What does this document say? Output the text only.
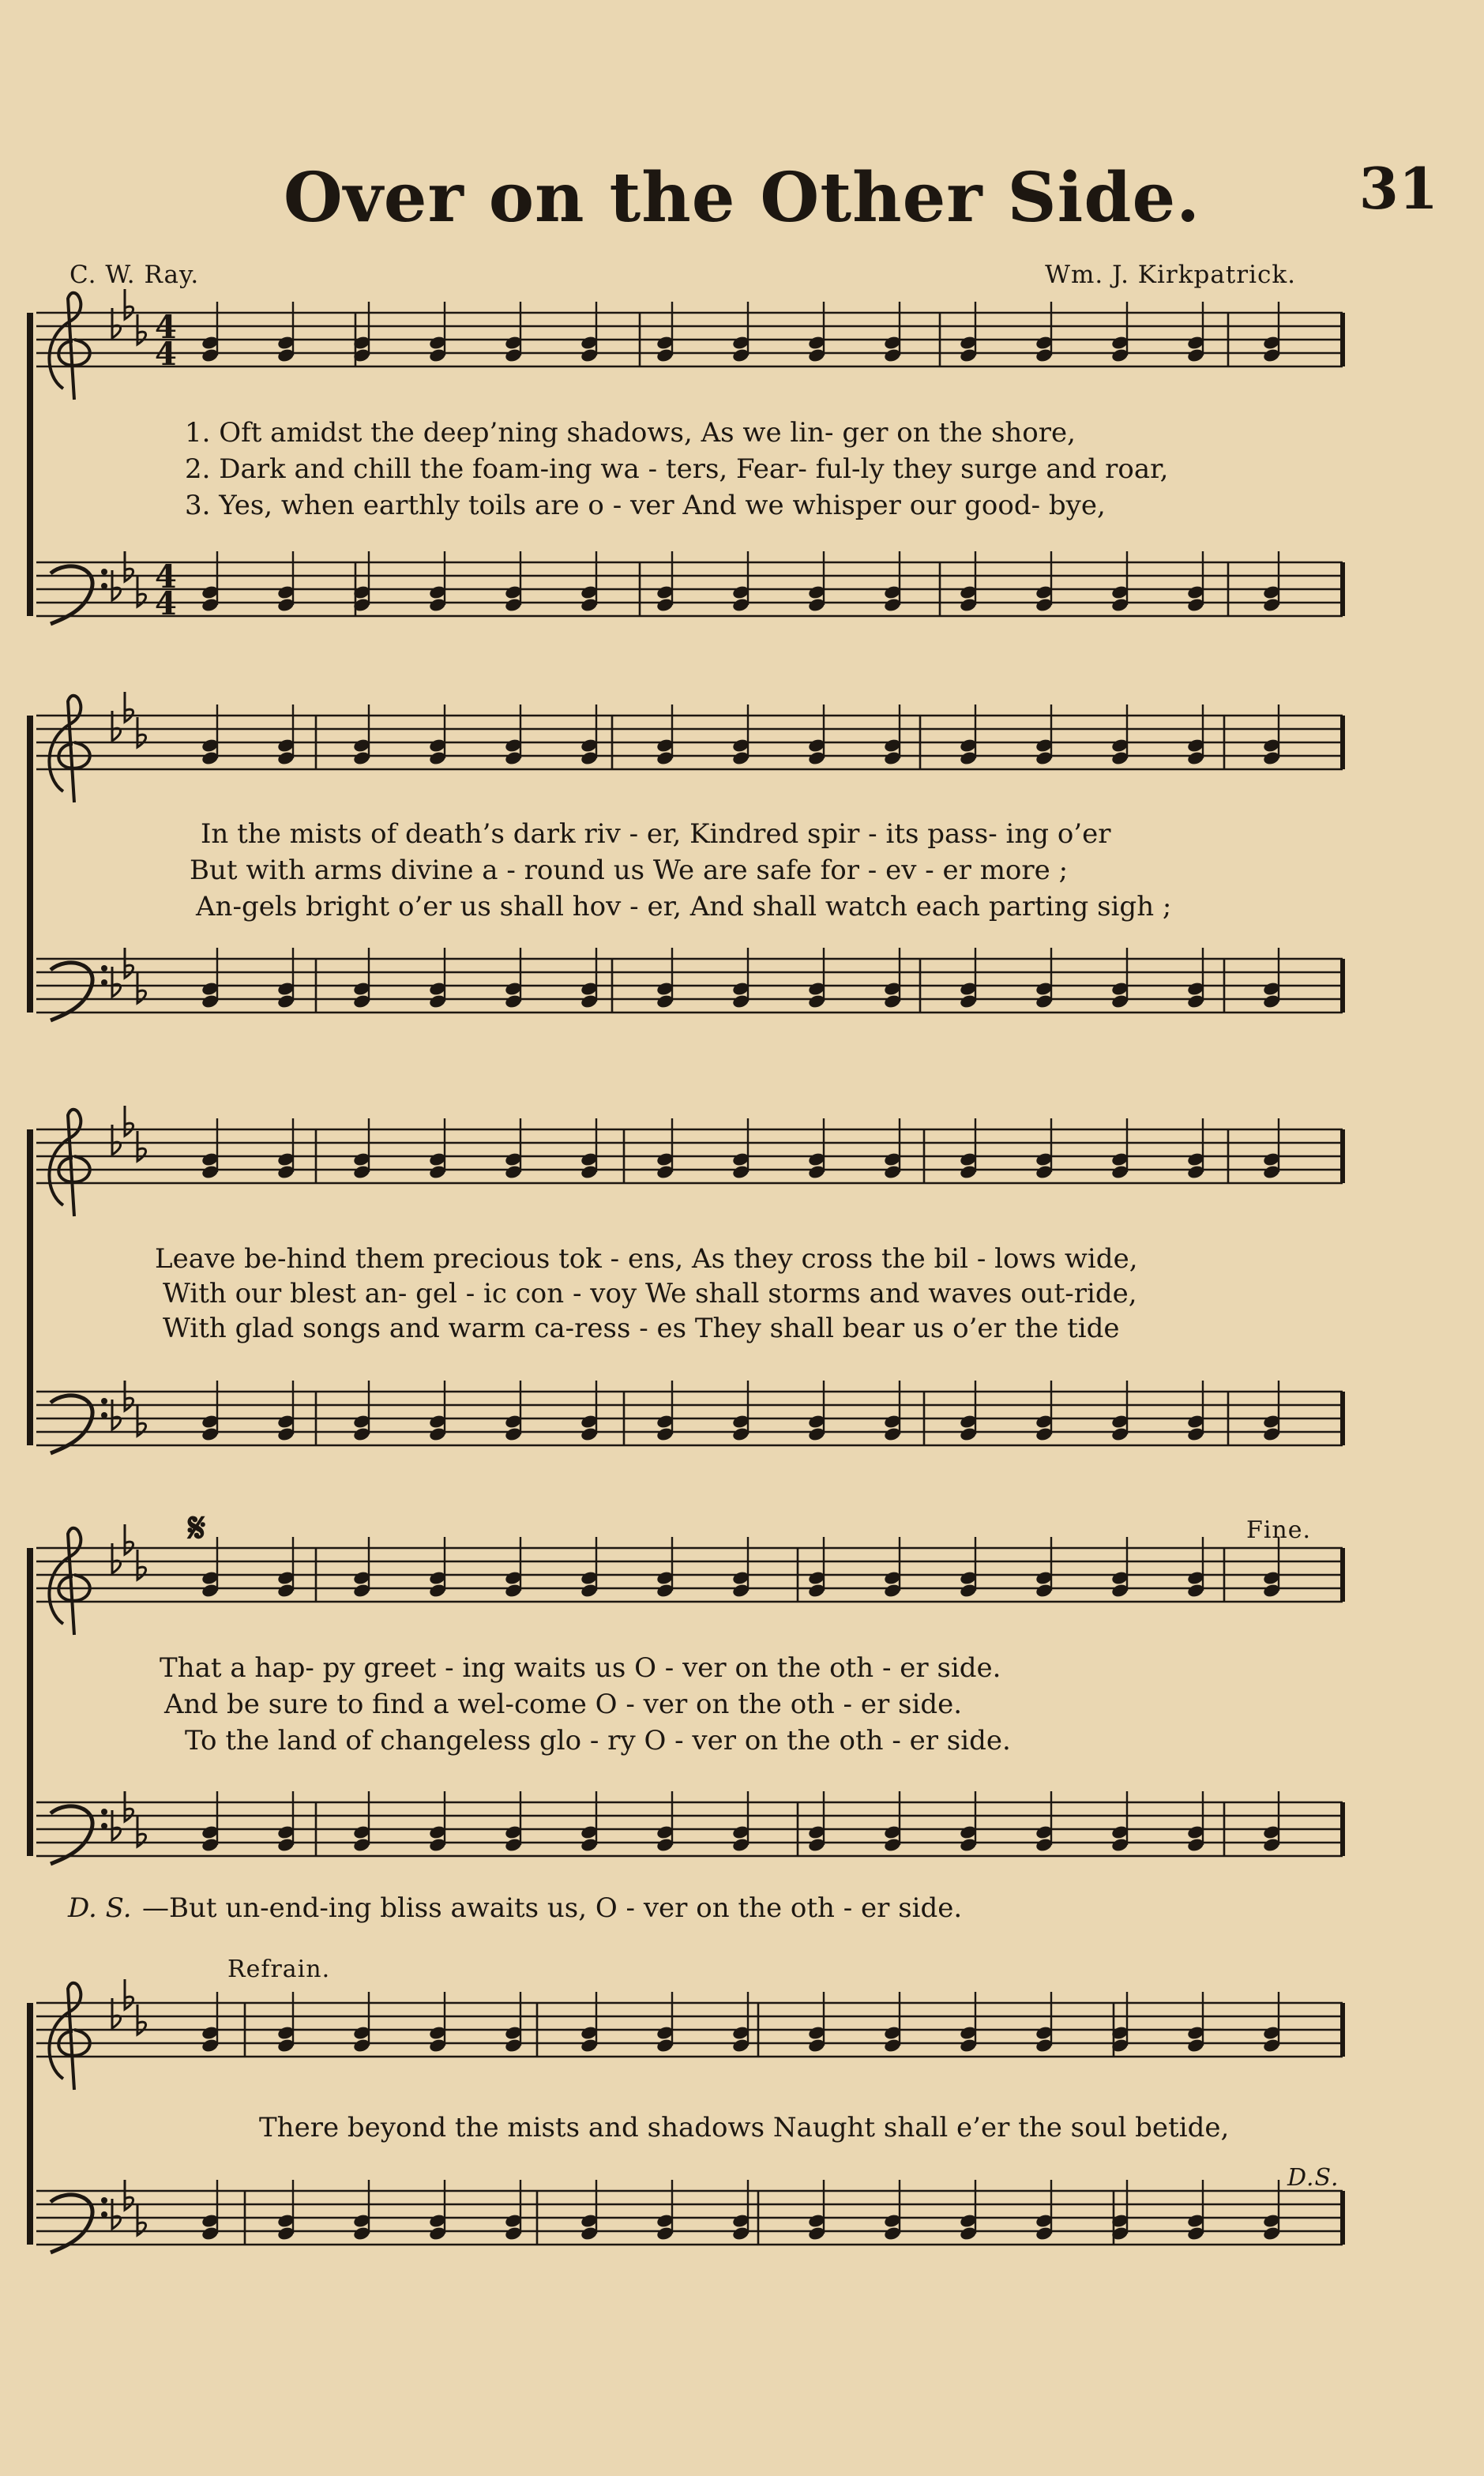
4
4
4
4
Over on the Other Side.	31
C. W. Ray.	Wm. J. Kirkpatrick.
1. Oft amidst the deep’ning shadows, As we lin- ger on the shore,
2. Dark and chill the foam-ing wa - ters, Fear- ful-ly they surge and roar,
3. Yes, when earthly toils are o - ver And we whisper our good- bye,
In the mists of death’s dark riv - er, Kindred spir - its pass- ing o’er
But with arms divine a - round us We are safe for - ev - er more ;
An-gels bright o’er us shall hov - er, And shall watch each parting sigh ;
Leave be-hind them precious tok - ens, As they cross the bil - lows wide,
With our blest an- gel - ic con - voy We shall storms and waves out-ride,
With glad songs and warm ca-ress - es They shall bear us o’er the tide
𝄋	Fine.
That a hap- py greet - ing waits us O - ver on the oth - er side.
And be sure to find a wel-come O - ver on the oth - er side.
To the land of changeless glo - ry O - ver on the oth - er side.
D. S. —But un-end-ing bliss awaits us, O - ver on the oth - er side.
Refrain.
D.S.
There beyond the mists and shadows Naught shall e’er the soul betide,
